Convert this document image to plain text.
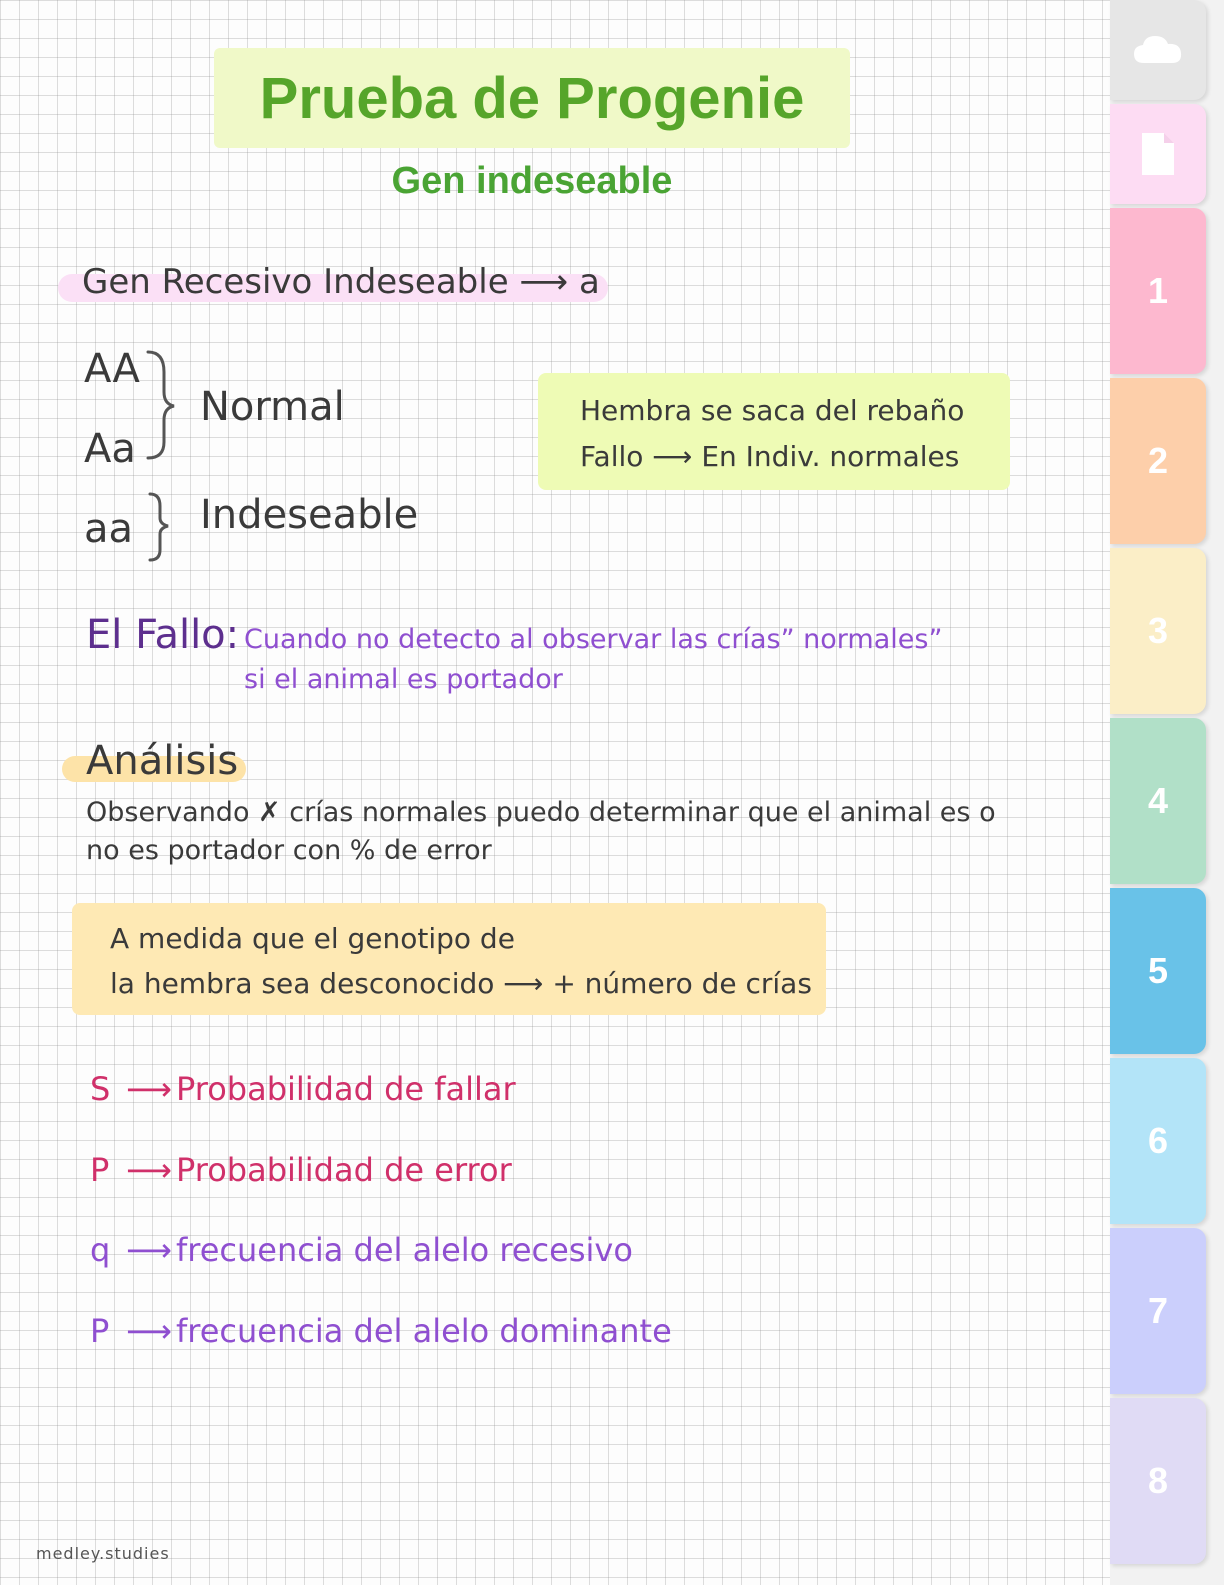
Prueba de Progenie
Gen indeseable
Gen Recesivo Indeseable ⟶ a
AA
Aa
aa
Normal
Indeseable
Hembra se saca del rebaño
Fallo ⟶ En Indiv. normales
El Fallo: Cuando no detecto al observar las crías” normales”
si el animal es portador
Análisis
Observando ✗ crías normales puedo determinar que el animal es o no es portador con % de error
A medida que el genotipo de
la hembra sea desconocido ⟶ + número de crías
S ⟶ Probabilidad de fallar
P ⟶ Probabilidad de error
q ⟶ frecuencia del alelo recesivo
P ⟶ frecuencia del alelo dominante
medley.studies
1
2
3
4
5
6
7
8
